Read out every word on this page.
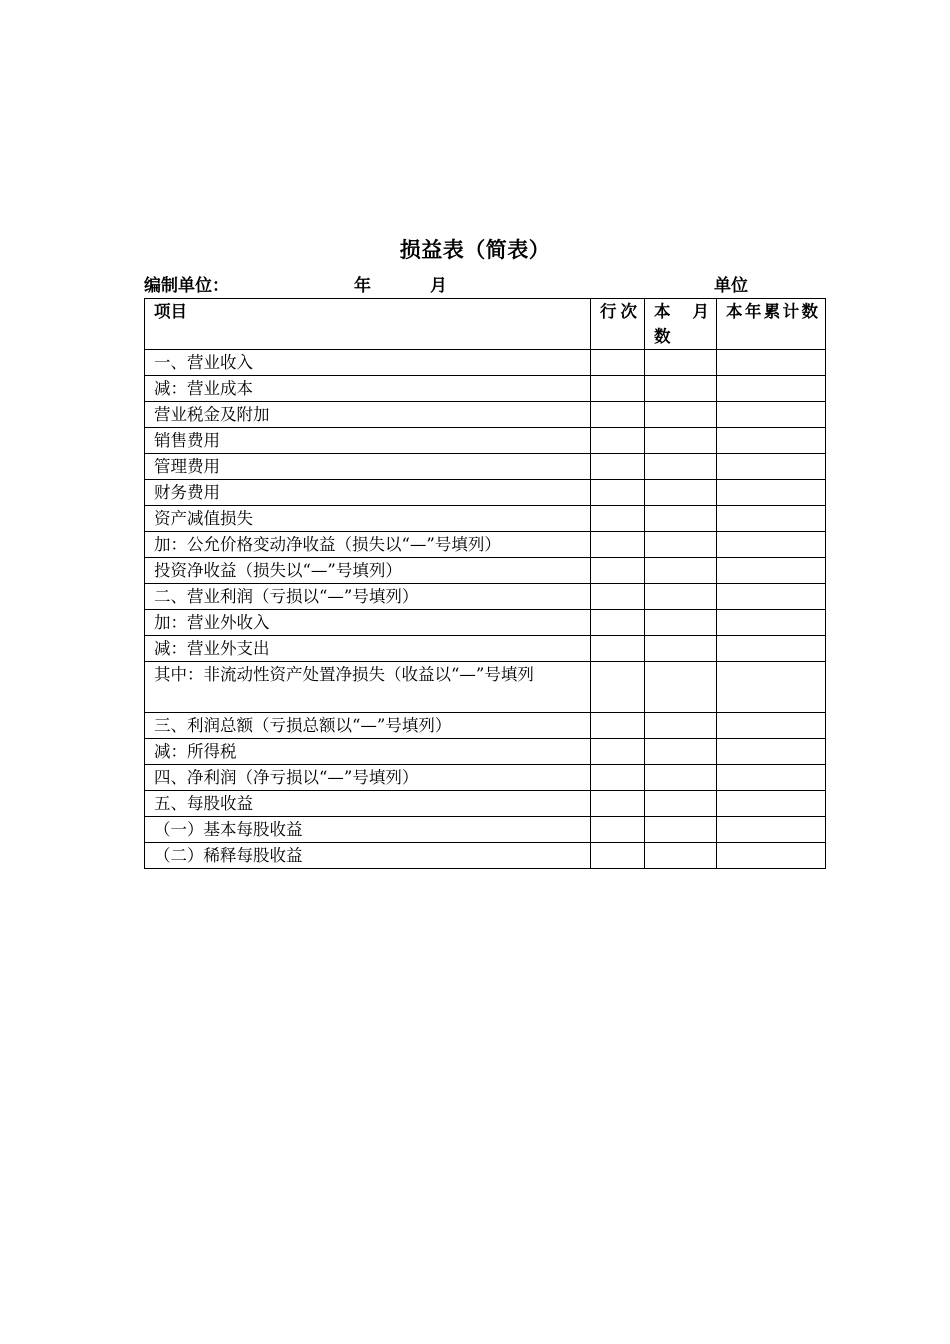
损益表（简表）
编制单位：	年	月	单位
项目	行次	本 月数	本年累计数
一、营业收入			
减：营业成本			
营业税金及附加			
销售费用			
管理费用			
财务费用			
资产减值损失			
加：公允价格变动净收益（损失以“—”号填列）			
投资净收益（损失以“—”号填列）			
二、营业利润（亏损以“—”号填列）			
加：营业外收入			
减：营业外支出			
其中：非流动性资产处置净损失（收益以“—”号填列			
三、利润总额（亏损总额以“—”号填列）			
减：所得税			
四、净利润（净亏损以“—”号填列）			
五、每股收益			
（一）基本每股收益			
（二）稀释每股收益			
